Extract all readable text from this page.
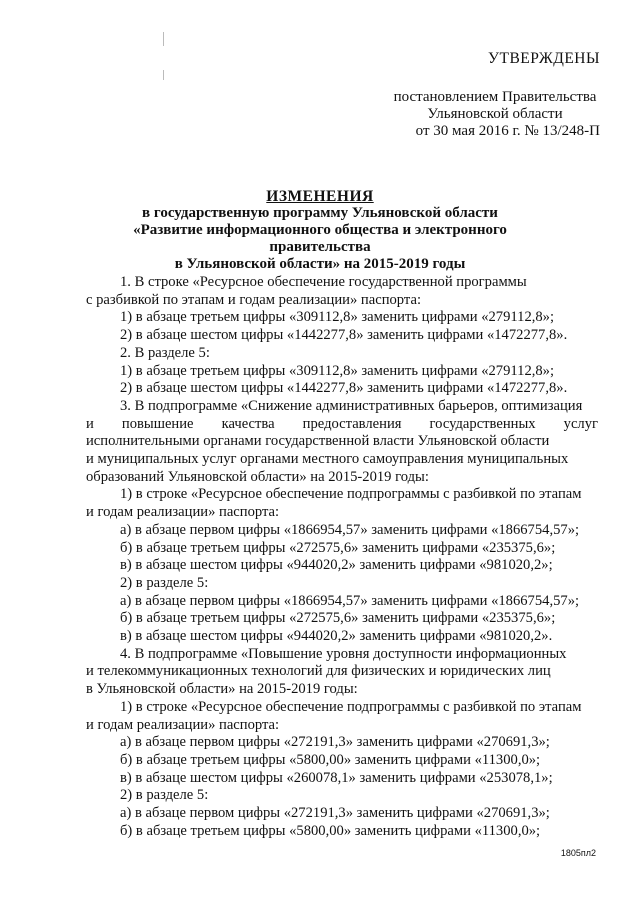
УТВЕРЖДЕНЫ
постановлением Правительства
Ульяновской области
от 30 мая 2016 г. № 13/248-П
ИЗМЕНЕНИЯ
в государственную программу Ульяновской области
«Развитие информационного общества и электронного правительства
в Ульяновской области» на 2015-2019 годы
1. В строке «Ресурсное обеспечение государственной программы
с разбивкой по этапам и годам реализации» паспорта:
1) в абзаце третьем цифры «309112,8» заменить цифрами «279112,8»;
2) в абзаце шестом цифры «1442277,8» заменить цифрами «1472277,8».
2. В разделе 5:
1) в абзаце третьем цифры «309112,8» заменить цифрами «279112,8»;
2) в абзаце шестом цифры «1442277,8» заменить цифрами «1472277,8».
3. В подпрограмме «Снижение административных барьеров, оптимизация
и повышение качества предоставления государственных услуг
исполнительными органами государственной власти Ульяновской области
и муниципальных услуг органами местного самоуправления муниципальных
образований Ульяновской области» на 2015-2019 годы:
1) в строке «Ресурсное обеспечение подпрограммы с разбивкой по этапам
и годам реализации» паспорта:
а) в абзаце первом цифры «1866954,57» заменить цифрами «1866754,57»;
б) в абзаце третьем цифры «272575,6» заменить цифрами «235375,6»;
в) в абзаце шестом цифры «944020,2» заменить цифрами «981020,2»;
2) в разделе 5:
а) в абзаце первом цифры «1866954,57» заменить цифрами «1866754,57»;
б) в абзаце третьем цифры «272575,6» заменить цифрами «235375,6»;
в) в абзаце шестом цифры «944020,2» заменить цифрами «981020,2».
4. В подпрограмме «Повышение уровня доступности информационных
и телекоммуникационных технологий для физических и юридических лиц
в Ульяновской области» на 2015-2019 годы:
1) в строке «Ресурсное обеспечение подпрограммы с разбивкой по этапам
и годам реализации» паспорта:
а) в абзаце первом цифры «272191,3» заменить цифрами «270691,3»;
б) в абзаце третьем цифры «5800,00» заменить цифрами «11300,0»;
в) в абзаце шестом цифры «260078,1» заменить цифрами «253078,1»;
2) в разделе 5:
а) в абзаце первом цифры «272191,3» заменить цифрами «270691,3»;
б) в абзаце третьем цифры «5800,00» заменить цифрами «11300,0»;
1805пл2
